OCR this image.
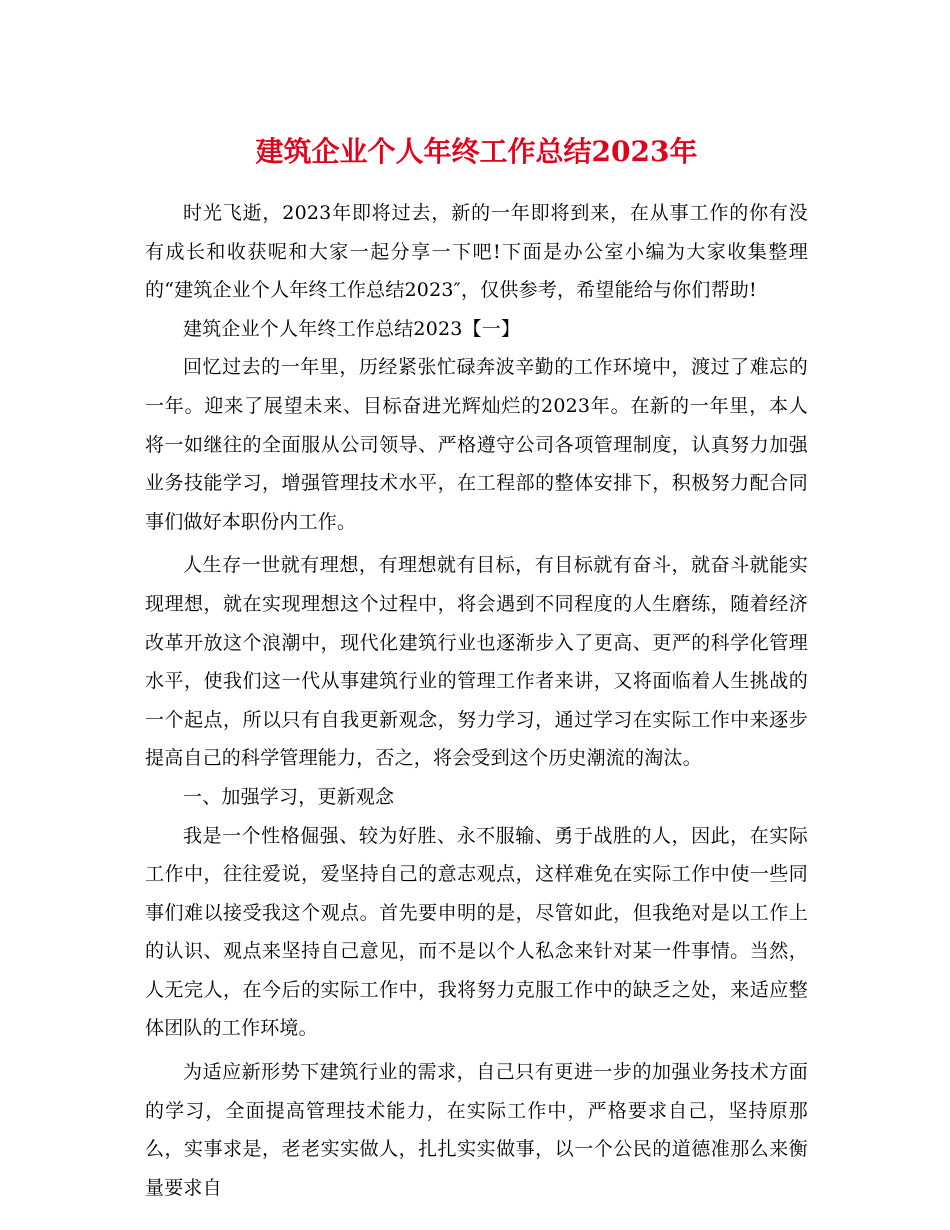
建筑企业个人年终工作总结2023年

时光飞逝，2023年即将过去，新的一年即将到来，在从事工作的你有没有成长和收获呢和大家一起分享一下吧!下面是办公室小编为大家收集整理的“建筑企业个人年终工作总结2023″，仅供参考，希望能给与你们帮助!

建筑企业个人年终工作总结2023【一】

回忆过去的一年里，历经紧张忙碌奔波辛勤的工作环境中，渡过了难忘的一年。迎来了展望未来、目标奋进光辉灿烂的2023年。在新的一年里，本人将一如继往的全面服从公司领导、严格遵守公司各项管理制度，认真努力加强业务技能学习，增强管理技术水平，在工程部的整体安排下，积极努力配合同事们做好本职份内工作。

人生存一世就有理想，有理想就有目标，有目标就有奋斗，就奋斗就能实现理想，就在实现理想这个过程中，将会遇到不同程度的人生磨练，随着经济改革开放这个浪潮中，现代化建筑行业也逐渐步入了更高、更严的科学化管理水平，使我们这一代从事建筑行业的管理工作者来讲，又将面临着人生挑战的一个起点，所以只有自我更新观念，努力学习，通过学习在实际工作中来逐步提高自己的科学管理能力，否之，将会受到这个历史潮流的淘汰。

一、加强学习，更新观念

我是一个性格倔强、较为好胜、永不服输、勇于战胜的人，因此，在实际工作中，往往爱说，爱坚持自己的意志观点，这样难免在实际工作中使一些同事们难以接受我这个观点。首先要申明的是，尽管如此，但我绝对是以工作上的认识、观点来坚持自己意见，而不是以个人私念来针对某一件事情。当然，人无完人，在今后的实际工作中，我将努力克服工作中的缺乏之处，来适应整体团队的工作环境。

为适应新形势下建筑行业的需求，自己只有更进一步的加强业务技术方面的学习，全面提高管理技术能力，在实际工作中，严格要求自己，坚持原那么，实事求是，老老实实做人，扎扎实实做事，以一个公民的道德准那么来衡量要求自
